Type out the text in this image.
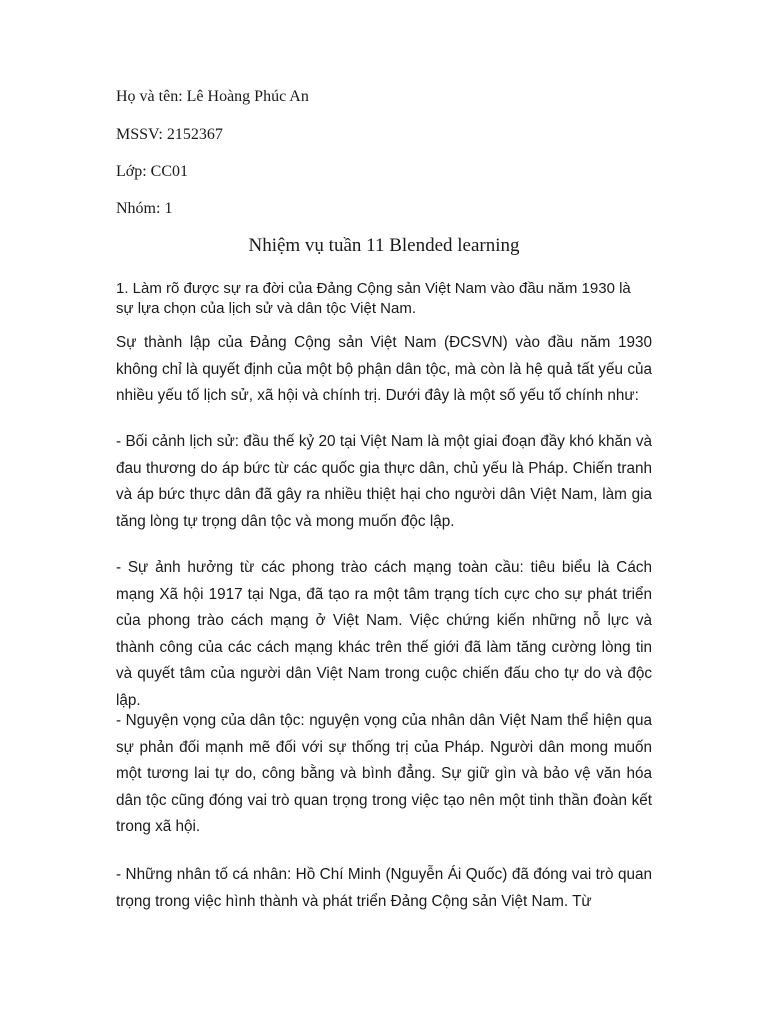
Họ và tên: Lê Hoàng Phúc An
MSSV: 2152367
Lớp: CC01
Nhóm: 1
Nhiệm vụ tuần 11 Blended learning
1. Làm rõ được sự ra đời của Đảng Cộng sản Việt Nam vào đầu năm 1930 là sự lựa chọn của lịch sử và dân tộc Việt Nam.

Sự thành lập của Đảng Cộng sản Việt Nam (ĐCSVN) vào đầu năm 1930 không chỉ là quyết định của một bộ phận dân tộc, mà còn là hệ quả tất yếu của nhiều yếu tố lịch sử, xã hội và chính trị. Dưới đây là một số yếu tố chính như:

- Bối cảnh lịch sử: đầu thế kỷ 20 tại Việt Nam là một giai đoạn đầy khó khăn và đau thương do áp bức từ các quốc gia thực dân, chủ yếu là Pháp. Chiến tranh và áp bức thực dân đã gây ra nhiều thiệt hại cho người dân Việt Nam, làm gia tăng lòng tự trọng dân tộc và mong muốn độc lập.

- Sự ảnh hưởng từ các phong trào cách mạng toàn cầu: tiêu biểu là Cách mạng Xã hội 1917 tại Nga, đã tạo ra một tâm trạng tích cực cho sự phát triển của phong trào cách mạng ở Việt Nam. Việc chứng kiến những nỗ lực và thành công của các cách mạng khác trên thế giới đã làm tăng cường lòng tin và quyết tâm của người dân Việt Nam trong cuộc chiến đấu cho tự do và độc lập.

- Nguyện vọng của dân tộc: nguyện vọng của nhân dân Việt Nam thể hiện qua sự phản đối mạnh mẽ đối với sự thống trị của Pháp. Người dân mong muốn một tương lai tự do, công bằng và bình đẳng. Sự giữ gìn và bảo vệ văn hóa dân tộc cũng đóng vai trò quan trọng trong việc tạo nên một tinh thần đoàn kết trong xã hội.

- Những nhân tố cá nhân: Hồ Chí Minh (Nguyễn Ái Quốc) đã đóng vai trò quan trọng trong việc hình thành và phát triển Đảng Cộng sản Việt Nam. Từ
